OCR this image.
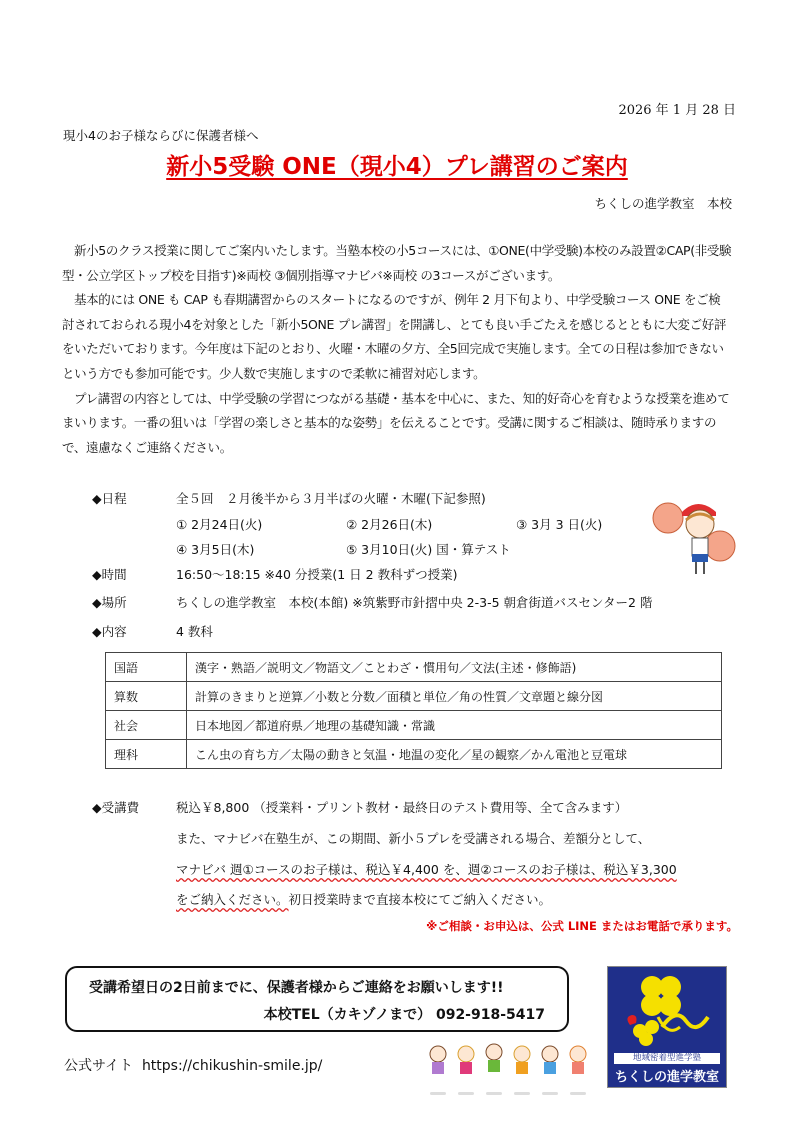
2026 年 1 月 28 日
現小4のお子様ならびに保護者様へ
新小5受験 ONE（現小4）プレ講習のご案内
ちくしの進学教室　本校

新小5のクラス授業に関してご案内いたします。当塾本校の小5コースには、①ONE(中学受験)本校のみ設置②CAP(非受験型・公立学区トップ校を目指す)※両校 ③個別指導マナビバ※両校 の3コースがございます。

基本的には ONE も CAP も春期講習からのスタートになるのですが、例年 2 月下旬より、中学受験コース ONE をご検討されておられる現小4を対象とした「新小5ONE プレ講習」を開講し、とても良い手ごたえを感じるとともに大変ご好評をいただいております。今年度は下記のとおり、火曜・木曜の夕方、全5回完成で実施します。全ての日程は参加できないという方でも参加可能です。少人数で実施しますので柔軟に補習対応します。

プレ講習の内容としては、中学受験の学習につながる基礎・基本を中心に、また、知的好奇心を育むような授業を進めてまいります。一番の狙いは「学習の楽しさと基本的な姿勢」を伝えることです。受講に関するご相談は、随時承りますので、遠慮なくご連絡ください。

◆日程	全５回　２月後半から３月半ばの火曜・木曜(下記参照)
① 2月24日(火)	② 2月26日(木)	③ 3月 3 日(火)
④ 3月5日(木)	⑤ 3月10日(火) 国・算テスト
◆時間	16:50〜18:15 ※40 分授業(1 日 2 教科ずつ授業)
◆場所	ちくしの進学教室　本校(本館) ※筑紫野市針摺中央 2-3-5 朝倉街道バスセンター2 階
◆内容	4 教科
国語	漢字・熟語／説明文／物語文／ことわざ・慣用句／文法(主述・修飾語)
算数	計算のきまりと逆算／小数と分数／面積と単位／角の性質／文章題と線分図
社会	日本地図／都道府県／地理の基礎知識・常識
理科	こん虫の育ち方／太陽の動きと気温・地温の変化／星の観察／かん電池と豆電球
◆受講費	税込￥8,800 （授業料・プリント教材・最終日のテスト費用等、全て含みます）
また、マナビバ在塾生が、この期間、新小５プレを受講される場合、差額分として、
マナビバ 週①コースのお子様は、税込￥4,400 を、週②コースのお子様は、税込￥3,300
をご納入ください。初日授業時まで直接本校にてご納入ください。
※ご相談・お申込は、公式 LINE またはお電話で承ります。
受講希望日の2日前までに、保護者様からご連絡をお願いします!!
本校TEL（カキゾノまで） 092-918-5417
公式サイト https://chikushin-smile.jp/	地域密着型進学塾
ちくしの進学教室
